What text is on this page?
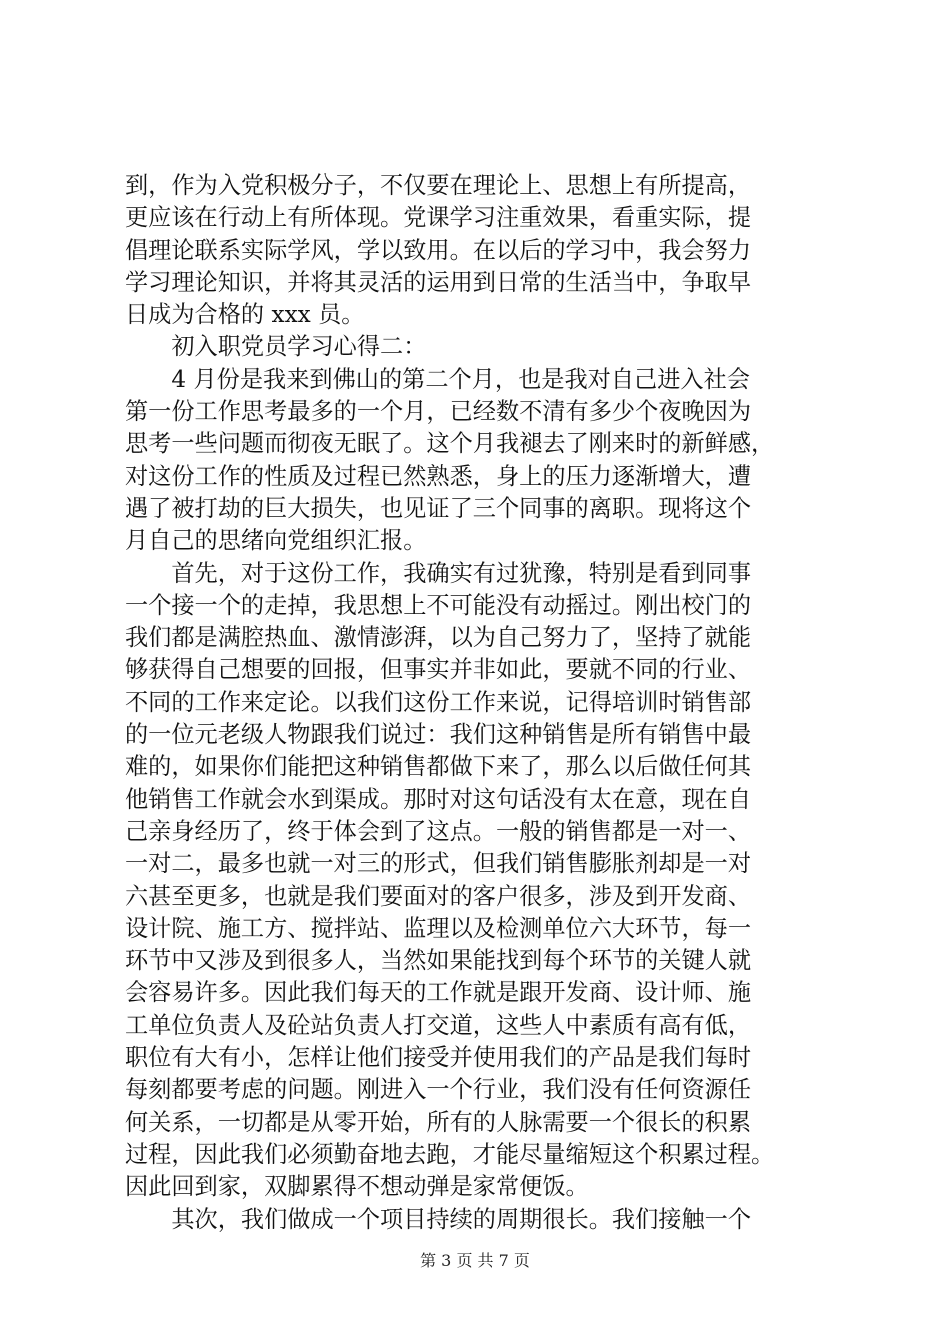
到，作为入党积极分子，不仅要在理论上、思想上有所提高，
更应该在行动上有所体现。党课学习注重效果，看重实际，提
倡理论联系实际学风，学以致用。在以后的学习中，我会努力
学习理论知识，并将其灵活的运用到日常的生活当中，争取早
日成为合格的 xxx 员。
　　初入职党员学习心得二：
　　4 月份是我来到佛山的第二个月，也是我对自己进入社会
第一份工作思考最多的一个月，已经数不清有多少个夜晚因为
思考一些问题而彻夜无眠了。这个月我褪去了刚来时的新鲜感，
对这份工作的性质及过程已然熟悉，身上的压力逐渐增大，遭
遇了被打劫的巨大损失，也见证了三个同事的离职。现将这个
月自己的思绪向党组织汇报。
　　首先，对于这份工作，我确实有过犹豫，特别是看到同事
一个接一个的走掉，我思想上不可能没有动摇过。刚出校门的
我们都是满腔热血、激情澎湃，以为自己努力了，坚持了就能
够获得自己想要的回报，但事实并非如此，要就不同的行业、
不同的工作来定论。以我们这份工作来说，记得培训时销售部
的一位元老级人物跟我们说过：我们这种销售是所有销售中最
难的，如果你们能把这种销售都做下来了，那么以后做任何其
他销售工作就会水到渠成。那时对这句话没有太在意，现在自
己亲身经历了，终于体会到了这点。一般的销售都是一对一、
一对二，最多也就一对三的形式，但我们销售膨胀剂却是一对
六甚至更多，也就是我们要面对的客户很多，涉及到开发商、
设计院、施工方、搅拌站、监理以及检测单位六大环节，每一
环节中又涉及到很多人，当然如果能找到每个环节的关键人就
会容易许多。因此我们每天的工作就是跟开发商、设计师、施
工单位负责人及砼站负责人打交道，这些人中素质有高有低，
职位有大有小，怎样让他们接受并使用我们的产品是我们每时
每刻都要考虑的问题。刚进入一个行业，我们没有任何资源任
何关系，一切都是从零开始，所有的人脉需要一个很长的积累
过程，因此我们必须勤奋地去跑，才能尽量缩短这个积累过程。
因此回到家，双脚累得不想动弹是家常便饭。
　　其次，我们做成一个项目持续的周期很长。我们接触一个
第 3 页 共 7 页
